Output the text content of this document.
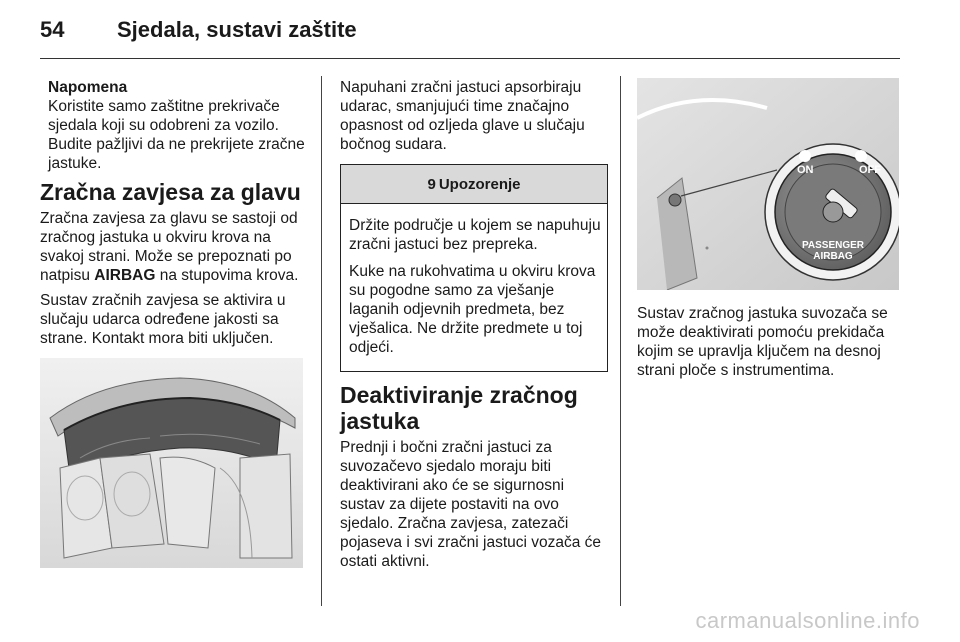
54 Sjedala, sustavi zaštite
Napomena
Koristite samo zaštitne prekrivače sjedala koji su odobreni za vozilo. Budite pažljivi da ne prekrijete zračne jastuke.
Zračna zavjesa za glavu

Zračna zavjesa za glavu se sastoji od zračnog jastuka u okviru krova na svakoj strani. Može se prepoznati po natpisu AIRBAG na stupovima krova.

Sustav zračnih zavjesa se aktivira u slučaju udarca određene jakosti sa strane. Kontakt mora biti uključen.

Napuhani zračni jastuci apsorbiraju udarac, smanjujući time značajno opasnost od ozljeda glave u slučaju bočnog sudara.

9 Upozorenje

Držite područje u kojem se napuhuju zračni jastuci bez prepreka.

Kuke na rukohvatima u okviru krova su pogodne samo za vješanje laganih odjevnih predmeta, bez vješalica. Ne držite predmete u toj odjeći.

Deaktiviranje zračnog jastuka

Prednji i bočni zračni jastuci za suvozačevo sjedalo moraju biti deaktivirani ako će se sigurnosni sustav za dijete postaviti na ovo sjedalo. Zračna zavjesa, zatezači pojaseva i svi zračni jastuci vozača će ostati aktivni.

ON	OFF
PASSENGER
AIRBAG

Sustav zračnog jastuka suvozača se može deaktivirati pomoću prekidača kojim se upravlja ključem na desnoj strani ploče s instrumentima.

carmanualsonline.info
